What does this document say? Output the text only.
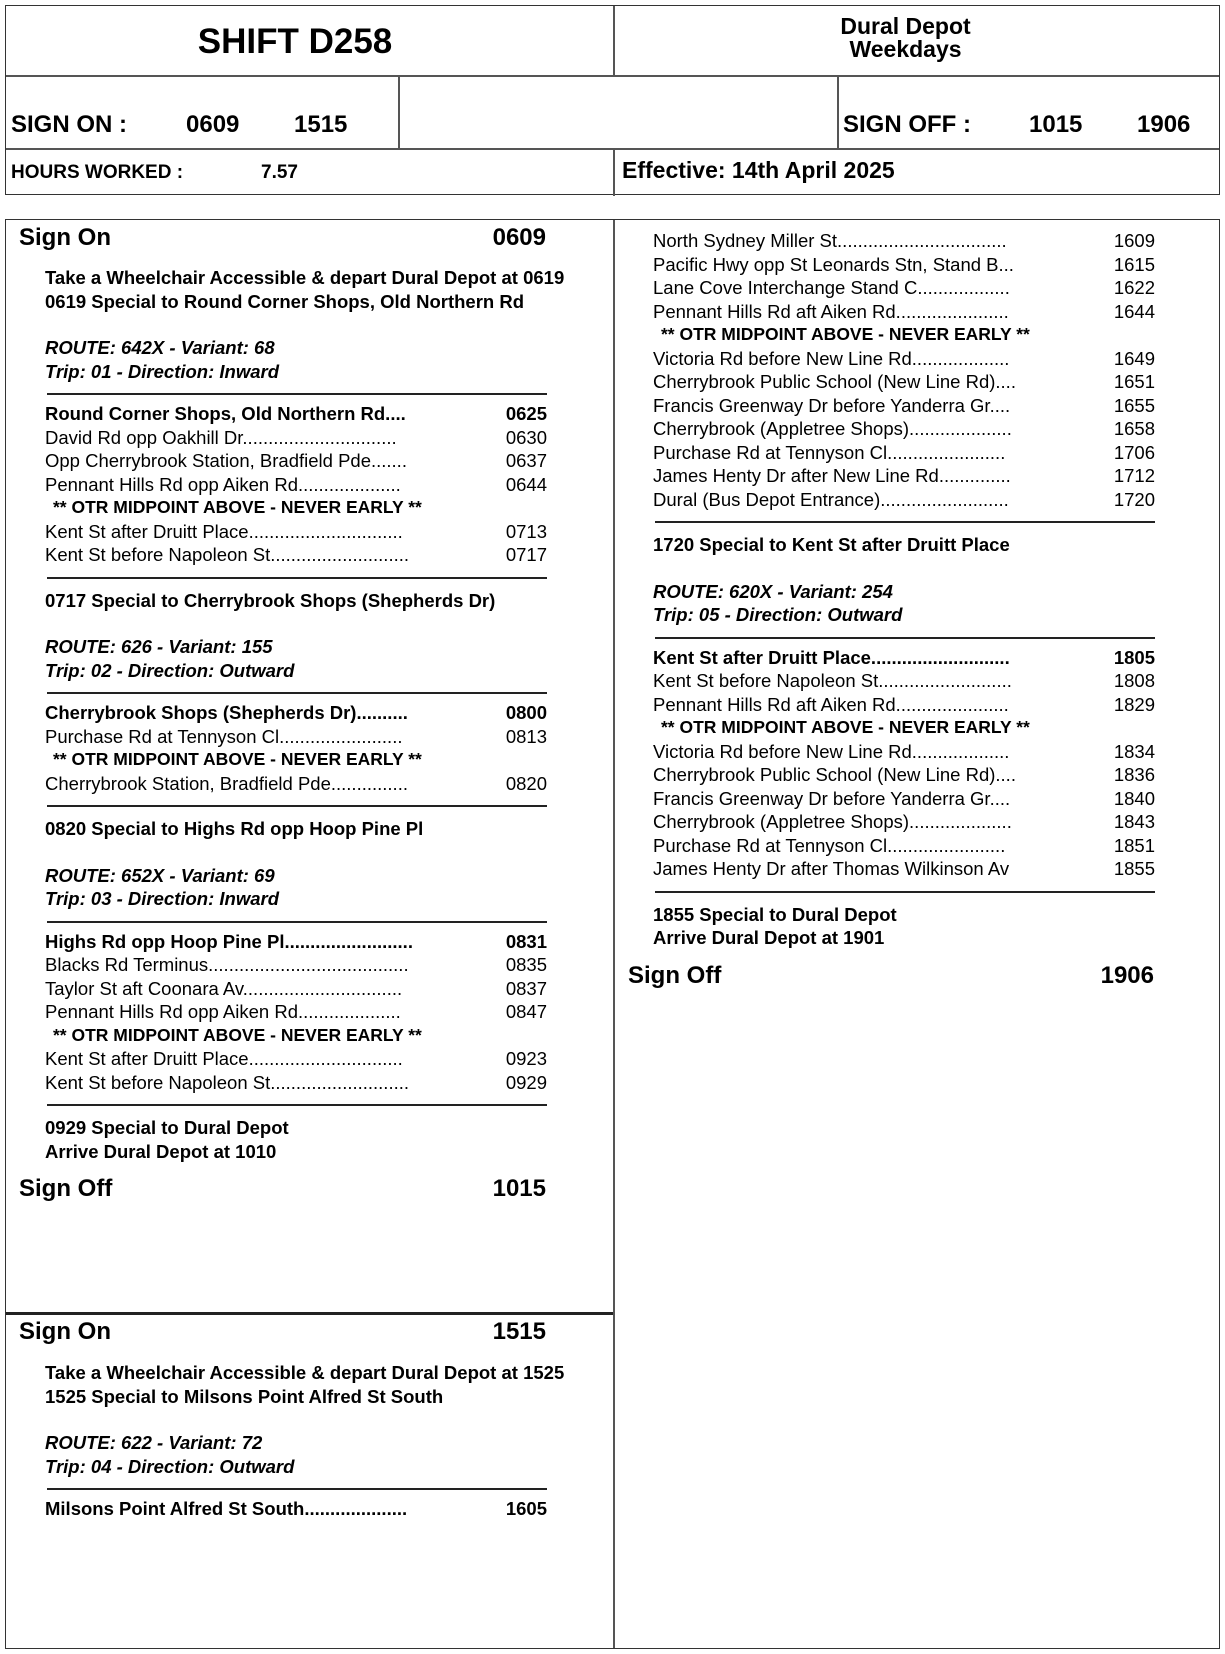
SHIFT D258	Dural Depot
Weekdays
SIGN ON :	0609	1515	SIGN OFF :	1015	1906
HOURS WORKED :	7.57	Effective: 14th April 2025
Sign On	0609
Take a Wheelchair Accessible & depart Dural Depot at 0619
0619 Special to Round Corner Shops, Old Northern Rd
ROUTE: 642X - Variant: 68
Trip: 01 - Direction: Inward
Round Corner Shops, Old Northern Rd....	0625
David Rd opp Oakhill Dr..............................	0630
Opp Cherrybrook Station, Bradfield Pde.......	0637
Pennant Hills Rd opp Aiken Rd....................	0644
** OTR MIDPOINT ABOVE - NEVER EARLY **
Kent St after Druitt Place..............................	0713
Kent St before Napoleon St...........................	0717
0717 Special to Cherrybrook Shops (Shepherds Dr)
ROUTE: 626 - Variant: 155
Trip: 02 - Direction: Outward
Cherrybrook Shops (Shepherds Dr)..........	0800
Purchase Rd at Tennyson Cl........................	0813
** OTR MIDPOINT ABOVE - NEVER EARLY **
Cherrybrook Station, Bradfield Pde...............	0820
0820 Special to Highs Rd opp Hoop Pine Pl
ROUTE: 652X - Variant: 69
Trip: 03 - Direction: Inward
Highs Rd opp Hoop Pine Pl.........................	0831
Blacks Rd Terminus.......................................	0835
Taylor St aft Coonara Av...............................	0837
Pennant Hills Rd opp Aiken Rd....................	0847
** OTR MIDPOINT ABOVE - NEVER EARLY **
Kent St after Druitt Place..............................	0923
Kent St before Napoleon St...........................	0929
0929 Special to Dural Depot
Arrive Dural Depot at 1010
Sign Off	1015
Sign On	1515
Take a Wheelchair Accessible & depart Dural Depot at 1525
1525 Special to Milsons Point Alfred St South
ROUTE: 622 - Variant: 72
Trip: 04 - Direction: Outward
Milsons Point Alfred St South....................	1605
North Sydney Miller St.................................	1609
Pacific Hwy opp St Leonards Stn, Stand B...	1615
Lane Cove Interchange Stand C..................	1622
Pennant Hills Rd aft Aiken Rd......................	1644
** OTR MIDPOINT ABOVE - NEVER EARLY **
Victoria Rd before New Line Rd...................	1649
Cherrybrook Public School (New Line Rd)....	1651
Francis Greenway Dr before Yanderra Gr....	1655
Cherrybrook (Appletree Shops)....................	1658
Purchase Rd at Tennyson Cl.......................	1706
James Henty Dr after New Line Rd..............	1712
Dural (Bus Depot Entrance).........................	1720
1720 Special to Kent St after Druitt Place
ROUTE: 620X - Variant: 254
Trip: 05 - Direction: Outward
Kent St after Druitt Place...........................	1805
Kent St before Napoleon St..........................	1808
Pennant Hills Rd aft Aiken Rd......................	1829
** OTR MIDPOINT ABOVE - NEVER EARLY **
Victoria Rd before New Line Rd...................	1834
Cherrybrook Public School (New Line Rd)....	1836
Francis Greenway Dr before Yanderra Gr....	1840
Cherrybrook (Appletree Shops)....................	1843
Purchase Rd at Tennyson Cl.......................	1851
James Henty Dr after Thomas Wilkinson Av	1855
1855 Special to Dural Depot
Arrive Dural Depot at 1901
Sign Off	1906
